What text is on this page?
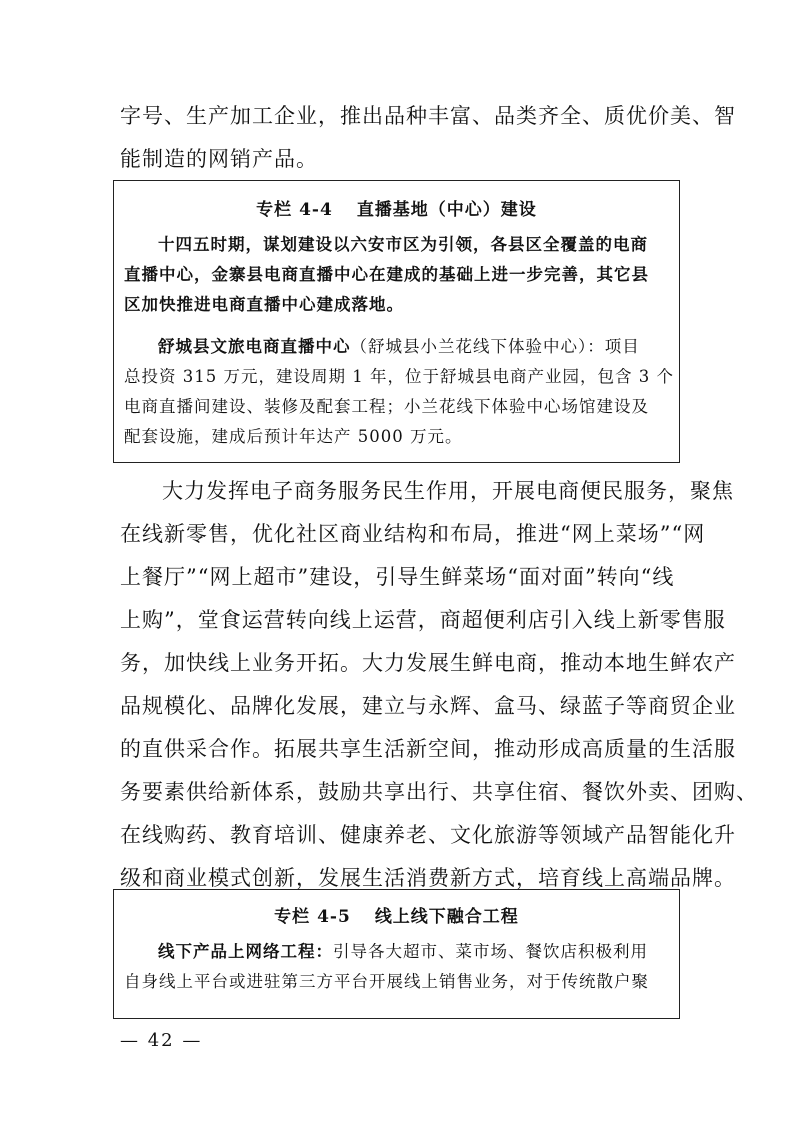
字号、生产加工企业，推出品种丰富、品类齐全、质优价美、智
能制造的网销产品。
专栏 4-4 直播基地（中心）建设
十四五时期，谋划建设以六安市区为引领，各县区全覆盖的电商
直播中心，金寨县电商直播中心在建成的基础上进一步完善，其它县
区加快推进电商直播中心建成落地。
舒城县文旅电商直播中心（舒城县小兰花线下体验中心）：项目
总投资 315 万元，建设周期 1 年，位于舒城县电商产业园，包含 3 个
电商直播间建设、装修及配套工程；小兰花线下体验中心场馆建设及
配套设施，建成后预计年达产 5000 万元。
大力发挥电子商务服务民生作用，开展电商便民服务，聚焦
在线新零售，优化社区商业结构和布局，推进“网上菜场”“网
上餐厅”“网上超市”建设，引导生鲜菜场“面对面”转向“线
上购”，堂食运营转向线上运营，商超便利店引入线上新零售服
务，加快线上业务开拓。大力发展生鲜电商，推动本地生鲜农产
品规模化、品牌化发展，建立与永辉、盒马、绿蓝子等商贸企业
的直供采合作。拓展共享生活新空间，推动形成高质量的生活服
务要素供给新体系，鼓励共享出行、共享住宿、餐饮外卖、团购、
在线购药、教育培训、健康养老、文化旅游等领域产品智能化升
级和商业模式创新，发展生活消费新方式，培育线上高端品牌。
专栏 4-5 线上线下融合工程
线下产品上网络工程：引导各大超市、菜市场、餐饮店积极利用
自身线上平台或进驻第三方平台开展线上销售业务，对于传统散户聚
— 42 —
